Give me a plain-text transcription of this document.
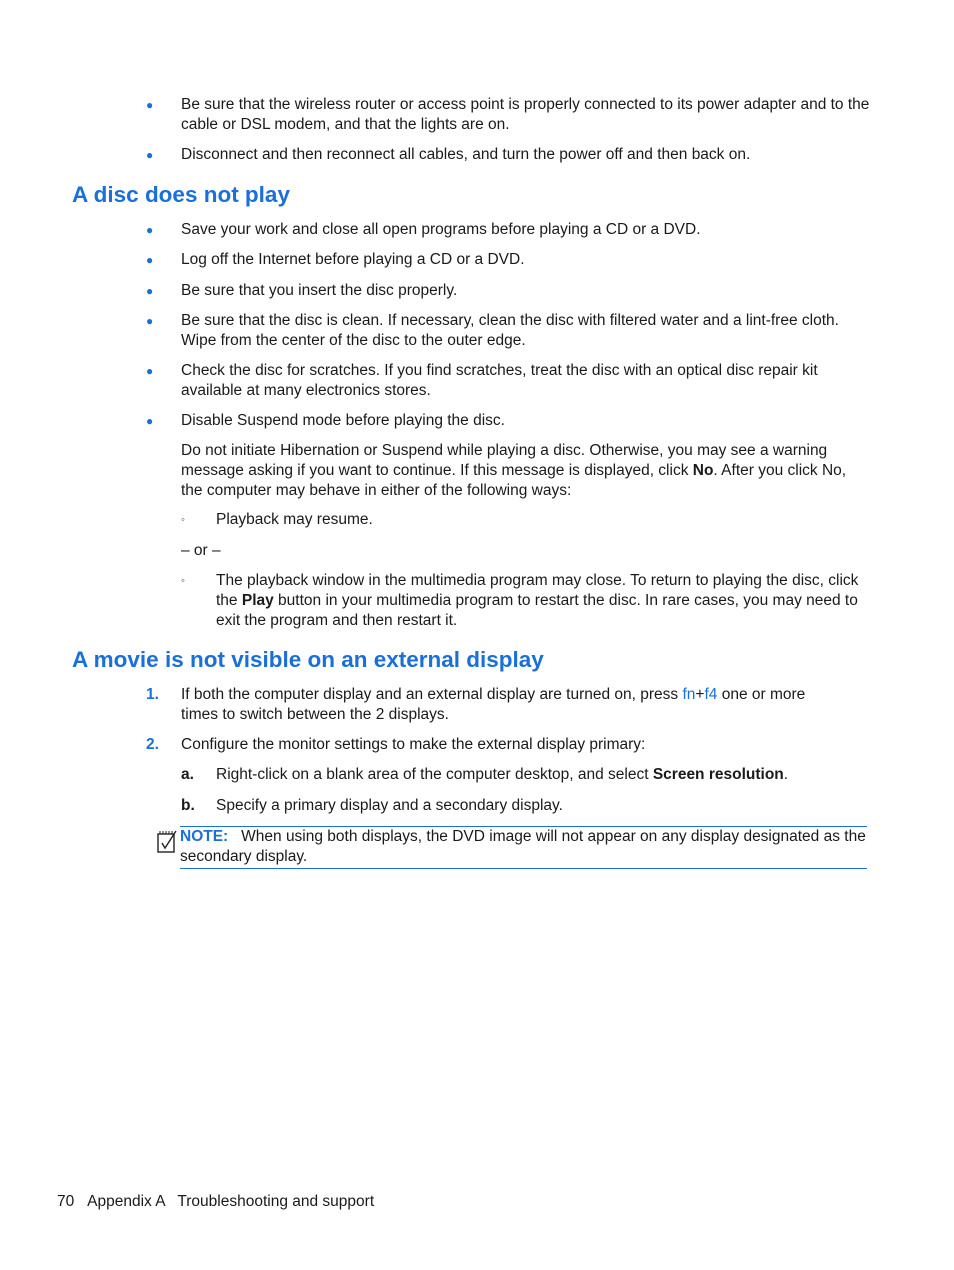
● Be sure that the wireless router or access point is properly connected to its power adapter and to the cable or DSL modem, and that the lights are on.
● Disconnect and then reconnect all cables, and turn the power off and then back on.
A disc does not play
● Save your work and close all open programs before playing a CD or a DVD.
● Log off the Internet before playing a CD or a DVD.
● Be sure that you insert the disc properly.
● Be sure that the disc is clean. If necessary, clean the disc with filtered water and a lint-free cloth. Wipe from the center of the disc to the outer edge.
● Check the disc for scratches. If you find scratches, treat the disc with an optical disc repair kit available at many electronics stores.
● Disable Suspend mode before playing the disc.
Do not initiate Hibernation or Suspend while playing a disc. Otherwise, you may see a warning message asking if you want to continue. If this message is displayed, click No. After you click No, the computer may behave in either of the following ways:
◦	Playback may resume.
– or –
◦	The playback window in the multimedia program may close. To return to playing the disc, click the Play button in your multimedia program to restart the disc. In rare cases, you may need to exit the program and then restart it.
A movie is not visible on an external display
1. If both the computer display and an external display are turned on, press fn+f4 one or more times to switch between the 2 displays.
2. Configure the monitor settings to make the external display primary:
a. Right-click on a blank area of the computer desktop, and select Screen resolution.
b. Specify a primary display and a secondary display.
NOTE: When using both displays, the DVD image will not appear on any display designated as the secondary display.
70 Appendix A   Troubleshooting and support
